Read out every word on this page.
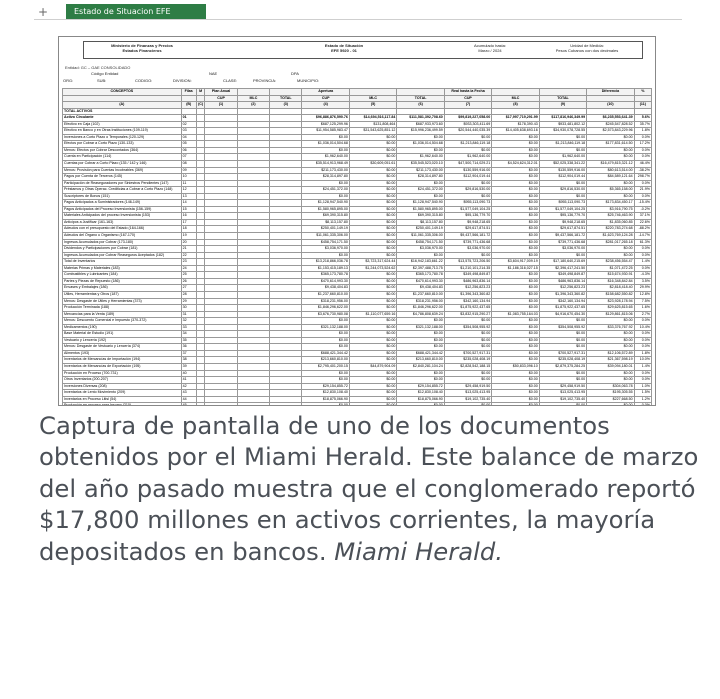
+	Estado de Situacion EFE
Ministerio de Finanzas y Precios
Estados Financieros
Estado de Situación
EFE 5920 - 01
Acumulado hasta:
Marzo / 2024
Unidad de Medida:
Pesos Cubanos con dos decimales
Entidad: GC – GAE CONSOLIDADO
Código Entidad	NAE	DPA
ORG:	SUB:	CODIGO:	DIVISION:	CLASE:	PROVINCIA:	MUNICIPIO:
CONCEPTOS	Filas	M	Plan Anual			Apertura			Real hasta la Fecha			Diferencia	%
			CUP	MLC	TOTAL	CUP	MLC	TOTAL	CUP	MLC	TOTAL		
(A)	(B)	(C)	(1)	(2)	(3)	(4)	(5)	(6)	(7)	(8)	(9)	(10)	(11)
TOTAL ACTIVOS													
Activo Circulante	01					$96,886,876,590.76	$14,694,516,117.84	$111,581,392,708.60	$99,819,227,058.00	$17,997,719,291.99	$117,816,946,349.99	$6,235,553,641.39	5.6%
Efectivo en Caja (102)	02					$687,125,299.96	$131,808,464	$687,933,973.60	$933,303,411.69	$178,390.43	$933,481,802.12	$245,547,828.52	35.7%
Efectivo en Banco y en Otras Instituciones (109-119)	03					$11,954,585,983.47	$31,543,625,851.12	$15,996,236,499.59	$20,544,440,035.39	$14,405,638,693.16	$34,930,078,728.55	$2,573,843,229.96	1.8%
Inversiones a Corto Plazo o Temporales (120-129)	04					$0.00	$0.00	$0.00	$0.00	$0.00	$0.00	$0.00	0.0%
Efectos por Cobrar a Corto Plazo (130-133)	05					$1,036,014,504.68	$0.00	$1,036,014,504.68	$1,213,846,119.18	$0.00	$1,213,846,119.18	$177,831,614.50	17.2%
Menos: Efectos por Cobrar Descontados (364)	06					$0.00	$0.00	$0.00	$0.00	$0.00	$0.00	$0.00	0.0%
Cuenta en Participación (114)	07					$1,962,640.00	$0.00	$1,962,640.00	$1,962,640.00	$0.00	$1,962,640.00	$0.00	0.0%
Cuentas por Cobrar a Corto Plazo (135 / 142 y 146)	08					$35,514,913,968.49	$30,609,051.61	$35,545,523,020.10	$47,500,714,029.21	$4,524,624,312.01	$52,025,338,341.22	$16,479,815,321.12	46.4%
Menos: Provisión para Cuentas Incobrables (369)	09					$211,173,430.00	$0.00	$211,173,430.00	$130,559,916.00	$0.00	$130,559,916.00	$80,613,514.00	-38.2%
Pagos por Cuenta de Terceros (145)	10					$28,314,897.80	$0.00	$28,314,897.80	$112,904,019.44	$0.00	$112,904,019.44	$84,589,121.64	298.7%
Participación de Reaseguradores por Siniestros Pendientes (147)	11					$0.00	$0.00	$0.00	$0.00	$0.00	$0.00	$0.00	0.0%
Préstamos y Otras Operac. Crediticias a Cobrar a Corto Plazo (148)	12					$24,451,372.00	$0.00	$24,451,372.00	$29,816,530.00	$0.00	$29,816,530.00	$5,365,158.00	21.9%
Suscriptores de Bonos (151)	13					$0.00	$0.00	$0.00	$0.00	$0.00	$0.00	$0.00	0.0%
Pagos Anticipados a Suministradores (146-149)	14					$1,128,947,540.90	$0.00	$1,128,947,540.90	$955,113,090.73	$0.00	$955,113,090.73	$173,834,450.17	-15.4%
Pagos Anticipados del Proceso Inversionista (156-159)	15					$1,580,965,895.00	$0.00	$1,580,965,895.00	$1,577,049,104.25	$0.00	$1,577,049,104.25	$3,916,790.75	-0.2%
Materiales Anticipados del proceso Inversionista (153)	16					$69,390,315.80	$0.00	$69,390,315.80	$95,136,779.70	$0.00	$95,136,779.70	$25,746,463.90	37.1%
Anticipos a Justificar (161-163)	17					$8,113,157.80	$0.00	$8,113,157.80	$9,948,218.65	$0.00	$9,948,218.65	$1,835,060.85	22.6%
Adeudos con el presupuesto del Estado (164-166)	18					$250,401,149.19	$0.00	$250,401,149.19	$29,617,874.51	$0.00	$29,617,874.51	$220,783,274.68	-88.2%
Adeudos del Órgano u Organismo (167-170)	19					$11,061,335,306.00	$0.00	$11,061,335,306.00	$9,437,566,181.72	$0.00	$9,437,566,181.72	$1,623,769,124.28	-14.7%
Ingresos Acumulados por Cobrar (173-180)	20					$458,754,171.50	$0.00	$458,754,171.50	$739,771,436.68	$0.00	$739,771,436.68	$281,017,265.18	61.3%
Dividendos y Participaciones por Cobrar (181)	21					$3,036,970.00	$0.00	$3,036,970.00	$3,036,970.00	$0.00	$3,036,970.00	$0.00	0.0%
Ingresos Acumulados por Cobrar Reaseguros Aceptados (182)	22					$0.00	$0.00	$0.00	$0.00	$0.00	$0.00	$0.00	0.0%
Total de Inventarios	23					$13,218,866,036.78	$3,723,317,624.44	$16,942,183,661.22	$13,575,723,206.50	$3,604,917,009.19	$17,180,640,215.69	$238,456,554.47	1.4%
Materias Primas y Materiales (183)	24					$1,153,415,189.13	$1,244,073,524.62	$2,397,488,713.75	$1,210,101,214.35	$1,186,316,027.15	$2,396,417,241.50	$1,071,472.25	0.0%
Combustibles y Lubricantes (184)	25					$365,173,780.78	$0.00	$365,173,780.78	$349,498,849.87	$0.00	$349,498,849.87	$15,674,930.91	-4.3%
Partes y Piezas de Repuesto (186)	26					$470,614,993.30	$0.00	$470,614,993.30	$486,963,836.14	$0.00	$486,963,836.14	$16,348,842.84	3.5%
Envases y Embalajes (186)	27					$9,438,404.83	$0.00	$9,438,404.83	$12,256,823.23	$0.00	$12,256,823.23	$2,818,418.40	29.9%
Útiles, Herramientas y Otros (187)	28					$1,237,660,810.00	$0.00	$1,237,660,810.00	$1,396,343,360.82	$0.00	$1,396,343,360.82	$158,682,550.82	12.8%
Menos: Desgaste de Útiles y Herramientas (373)	29					$318,231,956.00	$0.00	$318,231,956.00	$342,160,134.94	$0.00	$342,160,134.94	$23,928,178.94	7.5%
Producción Terminada (188)	30					$1,846,296,622.00	$0.00	$1,846,296,622.00	$1,875,922,437.65	$0.00	$1,875,922,437.65	$29,625,815.65	1.6%
Mercancías para la Venta (189)	31					$3,676,730,980.08	$1,110,077,659.16	$4,786,808,639.24	$3,832,915,290.27	$1,083,755,164.03	$4,916,670,454.30	$129,861,815.06	2.7%
Menos: Descuento Comercial e Impuesto (370-372)	32					$0.00	$0.00	$0.00	$0.00	$0.00	$0.00	$0.00	0.0%
Medicamentos (190)	33					$321,132,188.00	$0.00	$321,132,188.00	$354,508,955.92	$0.00	$354,508,955.92	$33,376,767.92	10.4%
Base Material de Estudio (191)	34					$0.00	$0.00	$0.00	$0.00	$0.00	$0.00	$0.00	0.0%
Vestuario y Lencería (192)	35					$0.00	$0.00	$0.00	$0.00	$0.00	$0.00	$0.00	0.0%
Menos: Desgaste de Vestuario y Lencería (374)	36					$0.00	$0.00	$0.00	$0.00	$0.00	$0.00	$0.00	0.0%
Alimentos (193)	37					$688,421,344.42	$0.00	$688,421,344.42	$700,527,917.31	$0.00	$700,527,917.31	$12,106,572.89	1.8%
Inventarios de Mercancías de Importación (194)	38					$213,660,810.00	$0.00	$213,660,810.00	$235,028,408.19	$0.00	$235,028,408.19	$21,367,598.19	10.0%
Inventarios de Mercancías de Exportación (195)	39					$2,795,401,200.15	$44,879,904.09	$2,840,281,104.24	$2,828,542,188.15	$50,833,096.10	$2,879,375,284.25	$39,094,180.01	1.4%
Producción en Proceso (700-731)	40					$0.00	$0.00	$0.00	$0.00	$0.00	$0.00	$0.00	0.0%
Otros Inventarios (200-207)	41					$0.00	$0.00	$0.00	$0.00	$0.00	$0.00	$0.00	0.0%
Inversiones Diversas (208)	42					$29,154,855.72	$0.00	$29,154,855.72	$29,458,919.50	$0.00	$29,458,919.50	$304,063.78	1.0%
Inventarios de Lento Movimiento (209)	43					$12,830,108.40	$0.00	$12,830,108.40	$13,025,413.95	$0.00	$13,025,413.95	$195,305.55	1.5%
Inventarios en Proceso Litisl (54)	44					$18,875,066.90	$0.00	$18,875,066.90	$19,102,735.40	$0.00	$19,102,735.40	$227,668.50	1.2%
Producción en proceso para Insumo (210)	45					$0.00	$0.00	$0.00	$0.00	$0.00	$0.00	$0.00	0.0%

Captura de pantalla de uno de los documentos obtenidos por el Miami Herald. Este balance de marzo del año pasado muestra que el conglomerado reportó $17,800 millones en activos corrientes, la mayoría depositados en bancos. Miami Herald.
